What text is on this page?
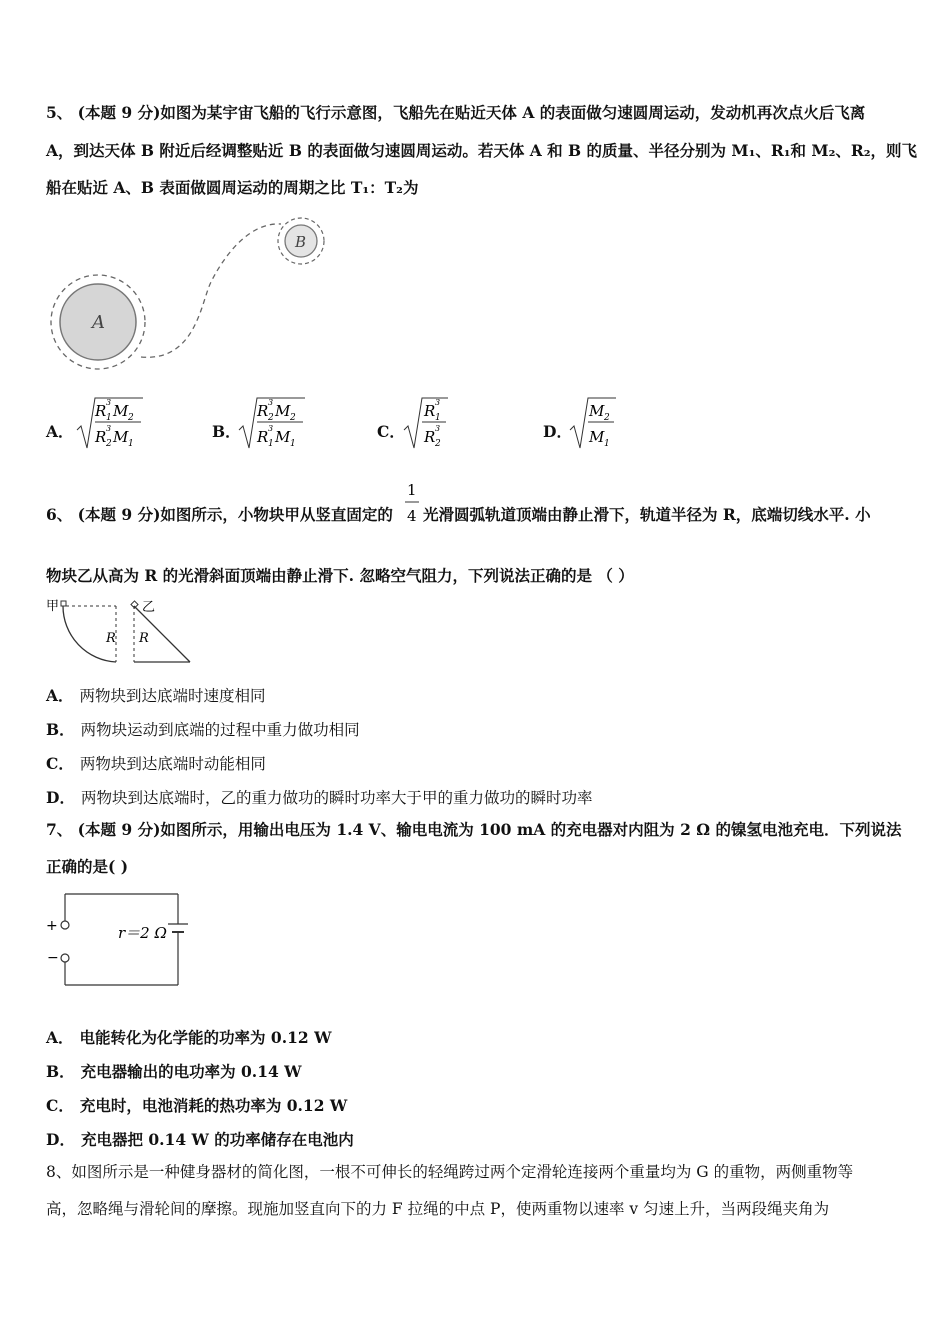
5、 (本题 9 分)如图为某宇宙飞船的飞行示意图，飞船先在贴近天体 A 的表面做匀速圆周运动，发动机再次点火后飞离
A，到达天体 B 附近后经调整贴近 B 的表面做匀速圆周运动。若天体 A 和 B 的质量、半径分别为 M₁、R₁和 M₂、R₂，则飞
船在贴近 A、B 表面做圆周运动的周期之比 T₁：T₂为
A
B
A．
R 3
1 M 2
R 3
2 M 1
B．
R 3
2 M 2
R 3
1 M 1
C．
R 3
1
R 3
2
D．
M 2
M 1
6、 (本题 9 分)如图所示，小物块甲从竖直固定的
1
4 光滑圆弧轨道顶端由静止滑下，轨道半径为 R，底端切线水平. 小
物块乙从高为 R 的光滑斜面顶端由静止滑下. 忽略空气阻力，下列说法正确的是 （ ）
甲
R
乙
R
A． 两物块到达底端时速度相同
B． 两物块运动到底端的过程中重力做功相同
C． 两物块到达底端时动能相同
D． 两物块到达底端时，乙的重力做功的瞬时功率大于甲的重力做功的瞬时功率
7、 (本题 9 分)如图所示，用输出电压为 1.4 V、输电电流为 100 mA 的充电器对内阻为 2 Ω 的镍氢电池充电．下列说法
正确的是( )
+
−
r＝2 Ω
A． 电能转化为化学能的功率为 0.12 W
B． 充电器输出的电功率为 0.14 W
C． 充电时，电池消耗的热功率为 0.12 W
D． 充电器把 0.14 W 的功率储存在电池内
8、如图所示是一种健身器材的简化图，一根不可伸长的轻绳跨过两个定滑轮连接两个重量均为 G 的重物，两侧重物等
高，忽略绳与滑轮间的摩擦。现施加竖直向下的力 F 拉绳的中点 P，使两重物以速率 v 匀速上升，当两段绳夹角为
